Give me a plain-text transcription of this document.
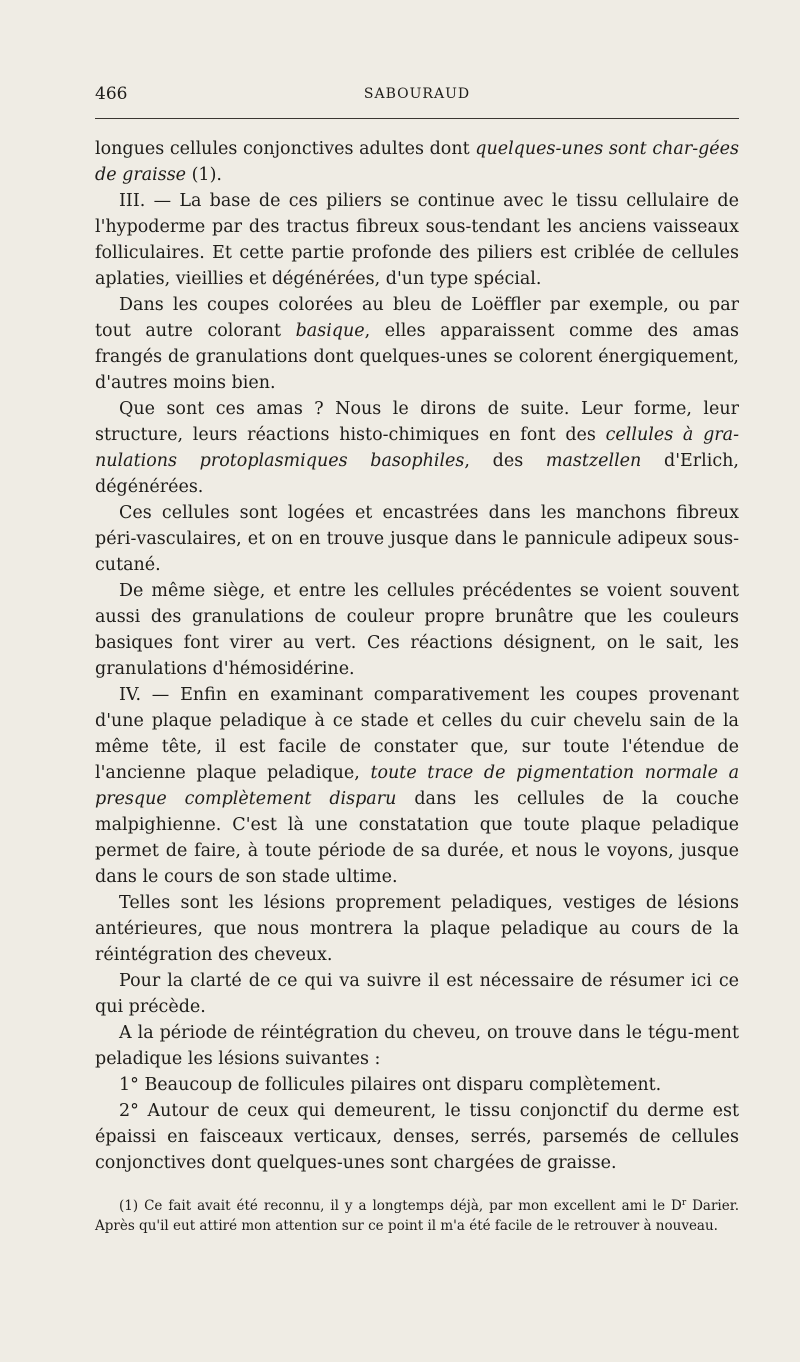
466	SABOURAUD

longues cellules conjonctives adultes dont quelques-unes sont char-gées de graisse (1).

III. — La base de ces piliers se continue avec le tissu cellulaire de l'hypoderme par des tractus fibreux sous-tendant les anciens vaisseaux folliculaires. Et cette partie profonde des piliers est criblée de cellules aplaties, vieillies et dégénérées, d'un type spécial.

Dans les coupes colorées au bleu de Loëffler par exemple, ou par tout autre colorant basique, elles apparaissent comme des amas frangés de granulations dont quelques-unes se colorent énergiquement, d'autres moins bien.

Que sont ces amas ? Nous le dirons de suite. Leur forme, leur structure, leurs réactions histo-chimiques en font des cellules à gra-nulations protoplasmiques basophiles, des mastzellen d'Erlich, dégénérées.

Ces cellules sont logées et encastrées dans les manchons fibreux péri-vasculaires, et on en trouve jusque dans le pannicule adipeux sous-cutané.

De même siège, et entre les cellules précédentes se voient souvent aussi des granulations de couleur propre brunâtre que les couleurs basiques font virer au vert. Ces réactions désignent, on le sait, les granulations d'hémosidérine.

IV. — Enfin en examinant comparativement les coupes provenant d'une plaque peladique à ce stade et celles du cuir chevelu sain de la même tête, il est facile de constater que, sur toute l'étendue de l'ancienne plaque peladique, toute trace de pigmentation normale a presque complètement disparu dans les cellules de la couche malpighienne. C'est là une constatation que toute plaque peladique permet de faire, à toute période de sa durée, et nous le voyons, jusque dans le cours de son stade ultime.

Telles sont les lésions proprement peladiques, vestiges de lésions antérieures, que nous montrera la plaque peladique au cours de la réintégration des cheveux.

Pour la clarté de ce qui va suivre il est nécessaire de résumer ici ce qui précède.

A la période de réintégration du cheveu, on trouve dans le tégu-ment peladique les lésions suivantes :

1° Beaucoup de follicules pilaires ont disparu complètement.

2° Autour de ceux qui demeurent, le tissu conjonctif du derme est épaissi en faisceaux verticaux, denses, serrés, parsemés de cellules conjonctives dont quelques-unes sont chargées de graisse.

(1) Ce fait avait été reconnu, il y a longtemps déjà, par mon excellent ami le $D^r$ Darier. Après qu'il eut attiré mon attention sur ce point il m'a été facile de le retrouver à nouveau.
